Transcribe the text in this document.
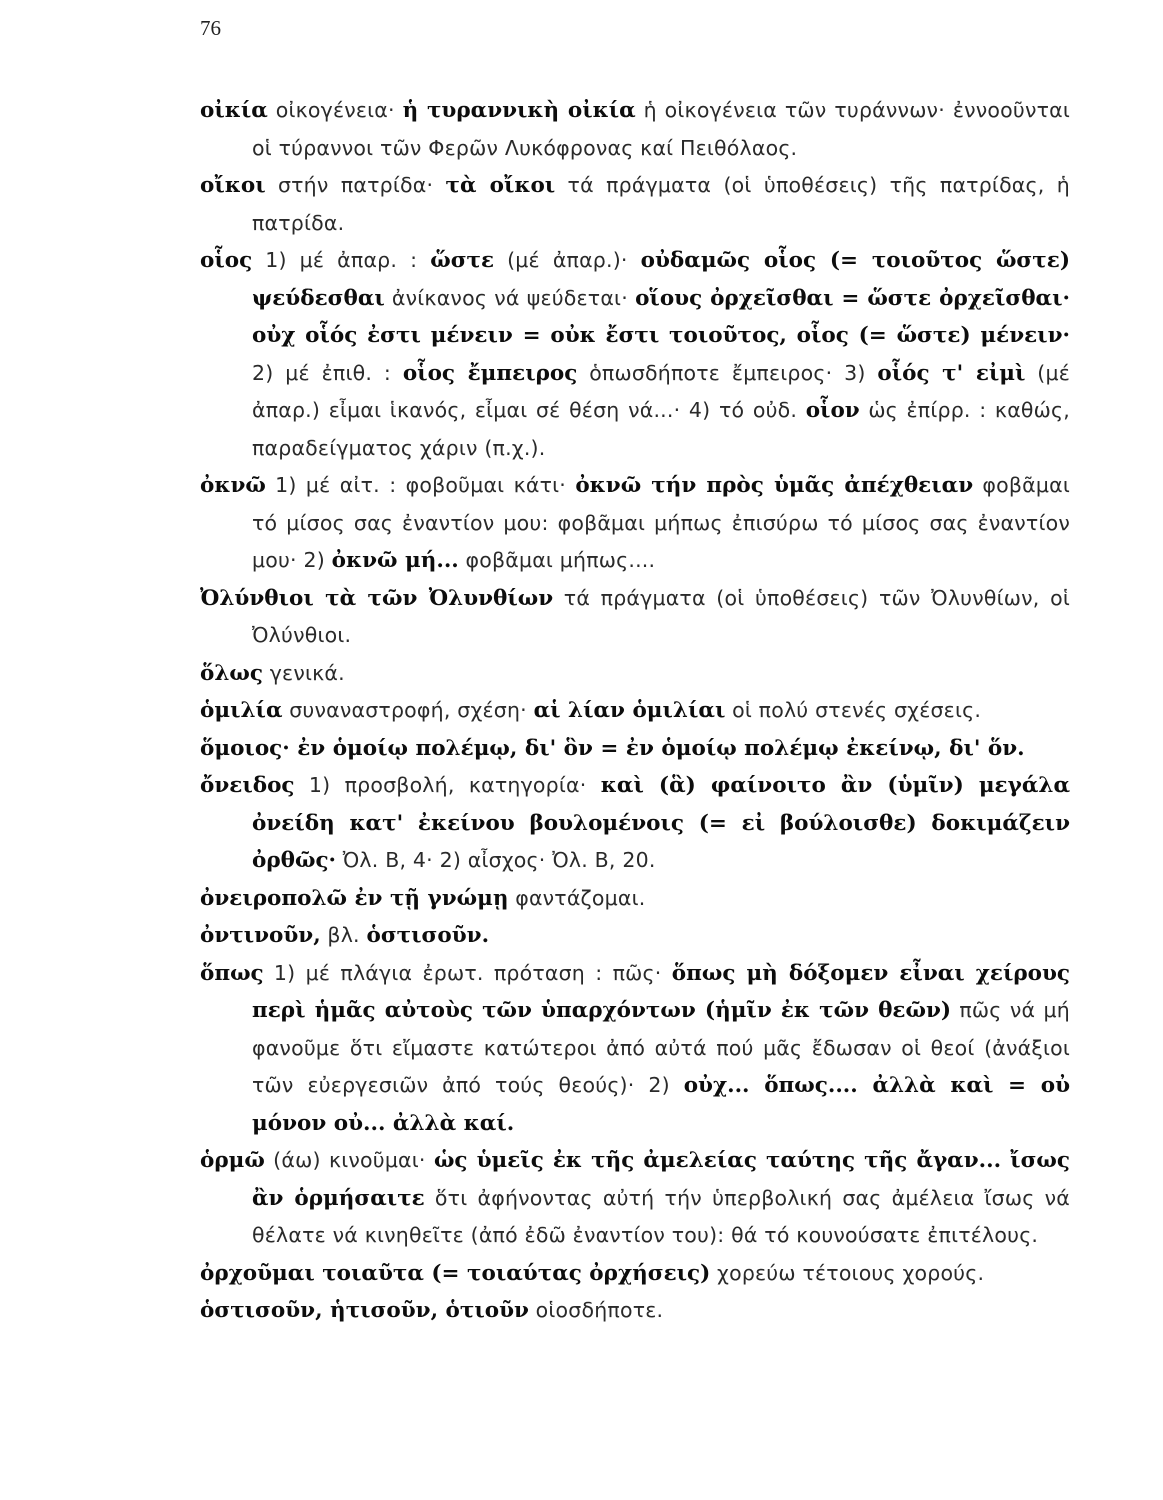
76

οἰκία οἰκογένεια· ἡ τυραννικὴ οἰκία ἡ οἰκογένεια τῶν τυράννων· ἐννοοῦνται οἱ τύραννοι τῶν Φερῶν Λυκόφρονας καί Πειθόλαος.

οἴκοι στήν πατρίδα· τὰ οἴκοι τά πράγματα (οἱ ὑποθέσεις) τῆς πατρίδας, ἡ πατρίδα.

οἷος 1) μέ ἀπαρ. : ὥστε (μέ ἀπαρ.)· οὐδαμῶς οἷος (= τοιοῦτος ὥστε) ψεύδεσθαι ἀνίκανος νά ψεύδεται· οἵους ὀρχεῖσθαι = ὥστε ὀρχεῖσθαι· οὐχ οἷός ἐστι μένειν = οὐκ ἔστι τοιοῦτος, οἷος (= ὥστε) μένειν· 2) μέ ἐπιθ. : οἷος ἔμπειρος ὁπωσδήποτε ἔμπειρος· 3) οἷός τ' εἰμὶ (μέ ἀπαρ.) εἶμαι ἱκανός, εἶμαι σέ θέση νά...· 4) τό οὐδ. οἷον ὡς ἐπίρρ. : καθώς, παραδείγματος χάριν (π.χ.).

ὀκνῶ 1) μέ αἰτ. : φοβοῦμαι κάτι· ὀκνῶ τήν πρὸς ὑμᾶς ἀπέχθειαν φοβᾶμαι τό μίσος σας ἐναντίον μου: φοβᾶμαι μήπως ἐπισύρω τό μίσος σας ἐναντίον μου· 2) ὀκνῶ μή... φοβᾶμαι μήπως....

Ὀλύνθιοι τὰ τῶν Ὀλυνθίων τά πράγματα (οἱ ὑποθέσεις) τῶν Ὀλυνθίων, οἱ Ὀλύνθιοι.

ὅλως γενικά.

ὁμιλία συναναστροφή, σχέση· αἱ λίαν ὁμιλίαι οἱ πολύ στενές σχέσεις.

ὅμοιος· ἐν ὁμοίῳ πολέμῳ, δι' ὃν = ἐν ὁμοίῳ πολέμῳ ἐκείνῳ, δι' ὅν.

ὄνειδος 1) προσβολή, κατηγορία· καὶ (ἃ) φαίνοιτο ἂν (ὑμῖν) μεγάλα ὀνείδη κατ' ἐκείνου βουλομένοις (= εἰ βούλοισθε) δοκιμάζειν ὀρθῶς· Ὀλ. Β, 4· 2) αἶσχος· Ὀλ. Β, 20.

ὀνειροπολῶ ἐν τῇ γνώμῃ φαντάζομαι.

ὀντινοῦν, βλ. ὁστισοῦν.

ὅπως 1) μέ πλάγια ἐρωτ. πρόταση : πῶς· ὅπως μὴ δόξομεν εἶναι χείρους περὶ ἡμᾶς αὐτοὺς τῶν ὑπαρχόντων (ἡμῖν ἐκ τῶν θεῶν) πῶς νά μή φανοῦμε ὅτι εἴμαστε κατώτεροι ἀπό αὐτά πού μᾶς ἔδωσαν οἱ θεοί (ἀνάξιοι τῶν εὐεργεσιῶν ἀπό τούς θεούς)· 2) οὐχ... ὅπως.... ἀλλὰ καὶ = οὐ μόνον οὐ... ἀλλὰ καί.

ὁρμῶ (άω) κινοῦμαι· ὡς ὑμεῖς ἐκ τῆς ἀμελείας ταύτης τῆς ἄγαν... ἴσως ἂν ὁρμήσαιτε ὅτι ἀφήνοντας αὐτή τήν ὑπερβολική σας ἀμέλεια ἴσως νά θέλατε νά κινηθεῖτε (ἀπό ἐδῶ ἐναντίον του): θά τό κουνούσατε ἐπιτέλους.

ὀρχοῦμαι τοιαῦτα (= τοιαύτας ὀρχήσεις) χορεύω τέτοιους χορούς.

ὁστισοῦν, ἡτισοῦν, ὁτιοῦν οἱοσδήποτε.
